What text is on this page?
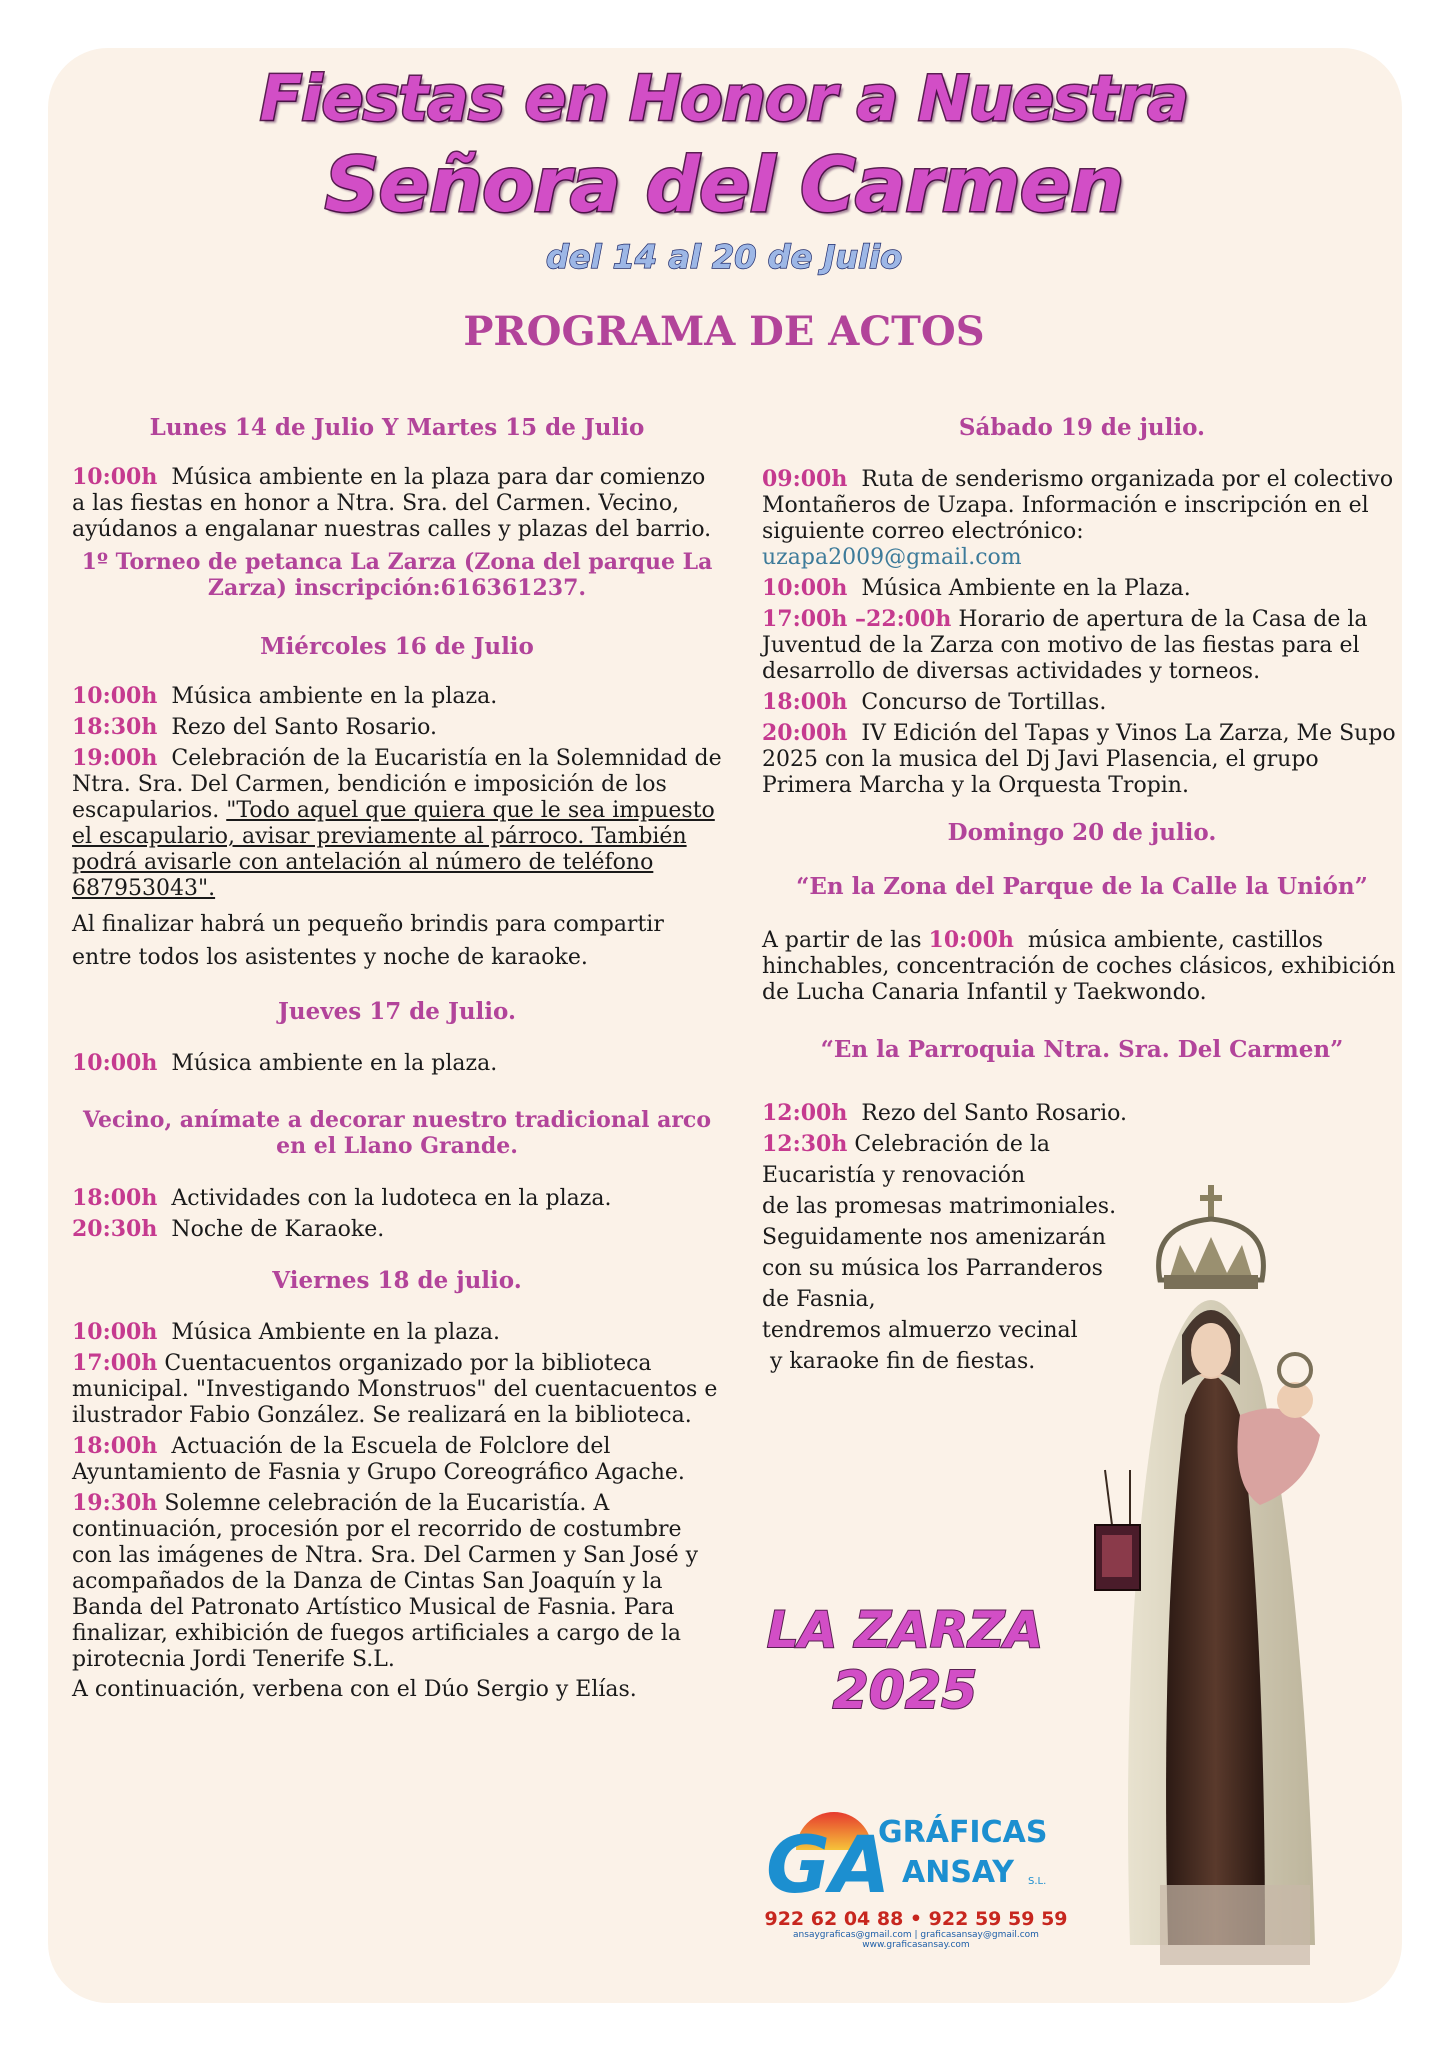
Fiestas en Honor a Nuestra
Señora del Carmen
del 14 al 20 de Julio
PROGRAMA DE ACTOS
Lunes 14 de Julio Y Martes 15 de Julio
10:00h Música ambiente en la plaza para dar comienzo a las fiestas en honor a Ntra. Sra. del Carmen. Vecino, ayúdanos a engalanar nuestras calles y plazas del barrio.
1º Torneo de petanca La Zarza (Zona del parque La Zarza) inscripción:616361237.
Miércoles 16 de Julio
10:00h Música ambiente en la plaza.
18:30h Rezo del Santo Rosario.
19:00h Celebración de la Eucaristía en la Solemnidad de Ntra. Sra. Del Carmen, bendición e imposición de los escapularios. "Todo aquel que quiera que le sea impuesto el escapulario, avisar previamente al párroco. También podrá avisarle con antelación al número de teléfono 687953043".
Al finalizar habrá un pequeño brindis para compartir entre todos los asistentes y noche de karaoke.
Jueves 17 de Julio.
10:00h Música ambiente en la plaza.
Vecino, anímate a decorar nuestro tradicional arco
en el Llano Grande.
18:00h Actividades con la ludoteca en la plaza.
20:30h Noche de Karaoke.
Viernes 18 de julio.
10:00h Música Ambiente en la plaza.
17:00h Cuentacuentos organizado por la biblioteca municipal. "Investigando Monstruos" del cuentacuentos e ilustrador Fabio González. Se realizará en la biblioteca.
18:00h Actuación de la Escuela de Folclore del Ayuntamiento de Fasnia y Grupo Coreográfico Agache.
19:30h Solemne celebración de la Eucaristía. A continuación, procesión por el recorrido de costumbre con las imágenes de Ntra. Sra. Del Carmen y San José y acompañados de la Danza de Cintas San Joaquín y la Banda del Patronato Artístico Musical de Fasnia. Para finalizar, exhibición de fuegos artificiales a cargo de la pirotecnia Jordi Tenerife S.L.
A continuación, verbena con el Dúo Sergio y Elías.
Sábado 19 de julio.
09:00h Ruta de senderismo organizada por el colectivo Montañeros de Uzapa. Información e inscripción en el siguiente correo electrónico:
uzapa2009@gmail.com
10:00h Música Ambiente en la Plaza.
17:00h –22:00h Horario de apertura de la Casa de la Juventud de la Zarza con motivo de las fiestas para el desarrollo de diversas actividades y torneos.
18:00h Concurso de Tortillas.
20:00h IV Edición del Tapas y Vinos La Zarza, Me Supo 2025 con la musica del Dj Javi Plasencia, el grupo Primera Marcha y la Orquesta Tropin.
Domingo 20 de julio.
“En la Zona del Parque de la Calle la Unión”
A partir de las 10:00h música ambiente, castillos hinchables, concentración de coches clásicos, exhibición de Lucha Canaria Infantil y Taekwondo.
“En la Parroquia Ntra. Sra. Del Carmen”
12:00h Rezo del Santo Rosario.
12:30h Celebración de la
Eucaristía y renovación
de las promesas matrimoniales.
Seguidamente nos amenizarán
con su música los Parranderos
de Fasnia,
tendremos almuerzo vecinal
y karaoke fin de fiestas.
LA ZARZA
2025
GA
GRÁFICAS
ANSAY S.L.
922 62 04 88 • 922 59 59 59
ansaygraficas@gmail.com | graficasansay@gmail.com
www.graficasansay.com
